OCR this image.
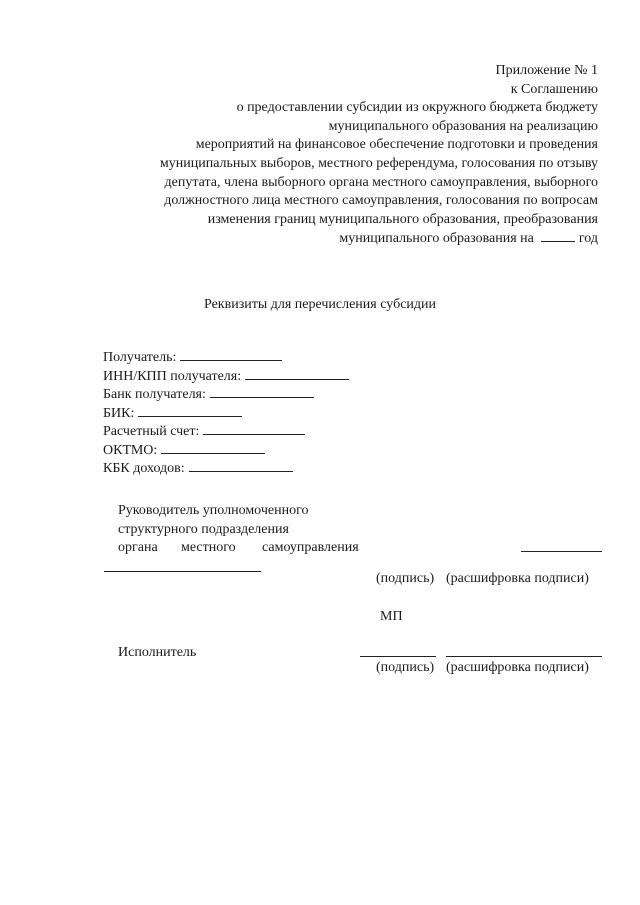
Приложение № 1
к Соглашению
о предоставлении субсидии из окружного бюджета бюджету
муниципального образования на реализацию
мероприятий на финансовое обеспечение подготовки и проведения
муниципальных выборов, местного референдума, голосования по отзыву
депутата, члена выборного органа местного самоуправления, выборного
должностного лица местного самоуправления, голосования по вопросам
изменения границ муниципального образования, преобразования
муниципального образования на	год
Реквизиты для перечисления субсидии
Получатель:
ИНН/КПП получателя:
Банк получателя:
БИК:
Расчетный счет:
ОКТМО:
КБК доходов:
Руководитель уполномоченного
структурного подразделения
органа местного самоуправления
(подпись) (расшифровка подписи)
МП
Исполнитель
(подпись) (расшифровка подписи)
